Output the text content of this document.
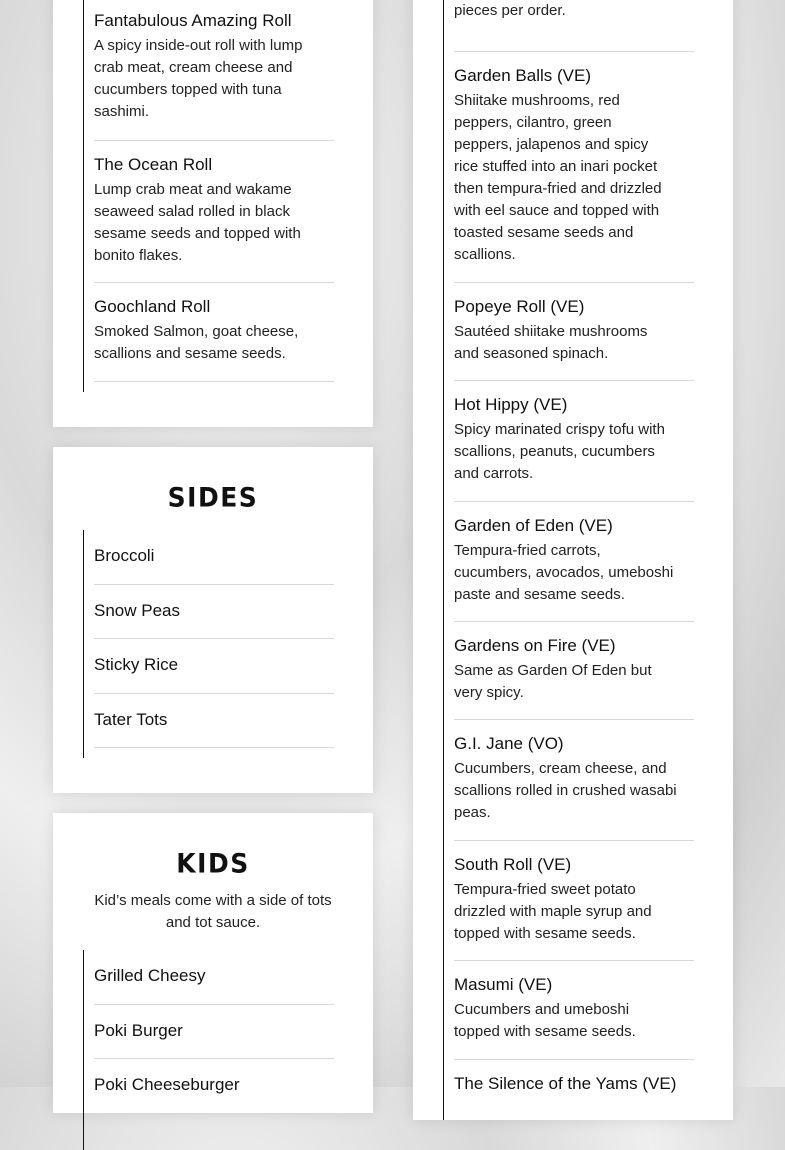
Fantabulous Amazing Roll
A spicy inside-out roll with lump crab meat, cream cheese and cucumbers topped with tuna sashimi.
The Ocean Roll
Lump crab meat and wakame seaweed salad rolled in black sesame seeds and topped with bonito flakes.
Goochland Roll
Smoked Salmon, goat cheese, scallions and sesame seeds.
SIDES
Broccoli
Snow Peas
Sticky Rice
Tater Tots
KIDS
Kid’s meals come with a side of tots and tot sauce.
Grilled Cheesy
Poki Burger
Poki Cheeseburger
pieces per order.
Garden Balls (VE)
Shiitake mushrooms, red peppers, cilantro, green peppers, jalapenos and spicy rice stuffed into an inari pocket then tempura-fried and drizzled with eel sauce and topped with toasted sesame seeds and scallions.
Popeye Roll (VE)
Sautéed shiitake mushrooms and seasoned spinach.
Hot Hippy (VE)
Spicy marinated crispy tofu with scallions, peanuts, cucumbers and carrots.
Garden of Eden (VE)
Tempura-fried carrots, cucumbers, avocados, umeboshi paste and sesame seeds.
Gardens on Fire (VE)
Same as Garden Of Eden but very spicy.
G.I. Jane (VO)
Cucumbers, cream cheese, and scallions rolled in crushed wasabi peas.
South Roll (VE)
Tempura-fried sweet potato drizzled with maple syrup and topped with sesame seeds.
Masumi (VE)
Cucumbers and umeboshi topped with sesame seeds.
The Silence of the Yams (VE)
